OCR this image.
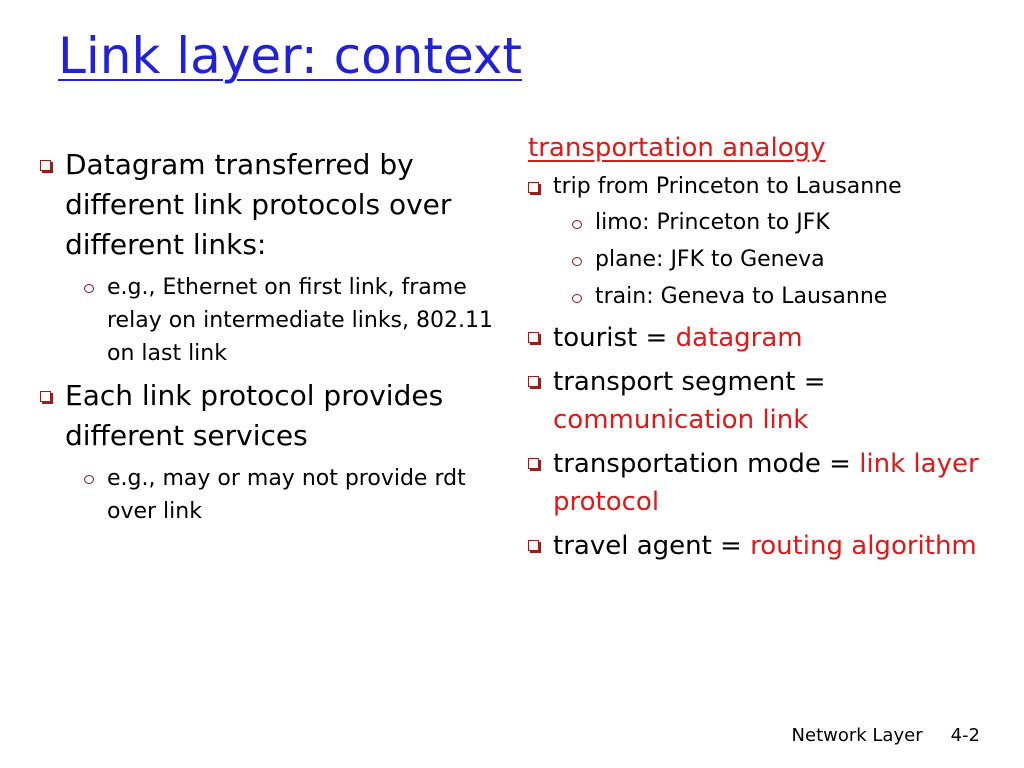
Link layer: context
Datagram transferred by different link protocols over different links:
e.g., Ethernet on first link, frame relay on intermediate links, 802.11 on last link
Each link protocol provides different services
e.g., may or may not provide rdt over link
transportation analogy
trip from Princeton to Lausanne
limo: Princeton to JFK
plane: JFK to Geneva
train: Geneva to Lausanne
tourist = datagram
transport segment = communication link
transportation mode = link layer protocol
travel agent = routing algorithm
Network Layer 4-2
